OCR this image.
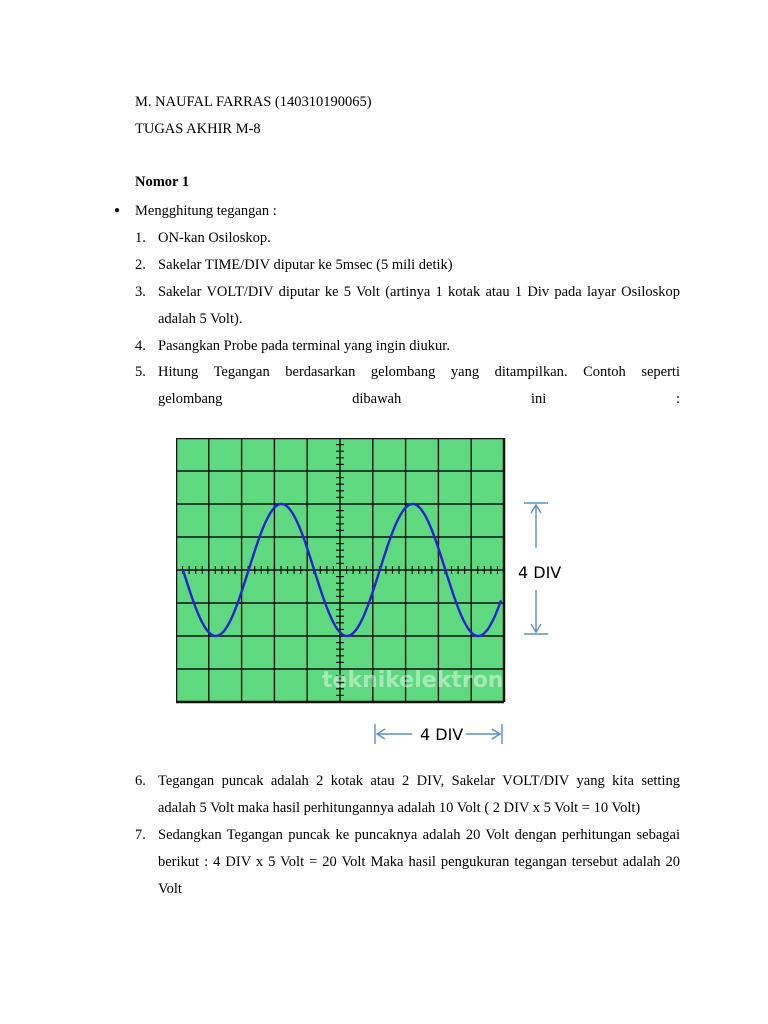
M. NAUFAL FARRAS (140310190065)
TUGAS AKHIR M-8
Nomor 1
● Mengghitung tegangan :
1. ON-kan Osiloskop.
2. Sakelar TIME/DIV diputar ke 5msec (5 mili detik)
3. Sakelar VOLT/DIV diputar ke 5 Volt (artinya 1 kotak atau 1 Div pada layar Osiloskop
adalah 5 Volt).
4. Pasangkan Probe pada terminal yang ingin diukur.
5. Hitung Tegangan berdasarkan gelombang yang ditampilkan. Contoh seperti
gelombang	dibawah	ini	:
teknikelektronika.com
4 DIV
4 DIV
6. Tegangan puncak adalah 2 kotak atau 2 DIV, Sakelar VOLT/DIV yang kita setting
adalah 5 Volt maka hasil perhitungannya adalah 10 Volt ( 2 DIV x 5 Volt = 10 Volt)
7. Sedangkan Tegangan puncak ke puncaknya adalah 20 Volt dengan perhitungan sebagai
berikut : 4 DIV x 5 Volt = 20 Volt Maka hasil pengukuran tegangan tersebut adalah 20
Volt
